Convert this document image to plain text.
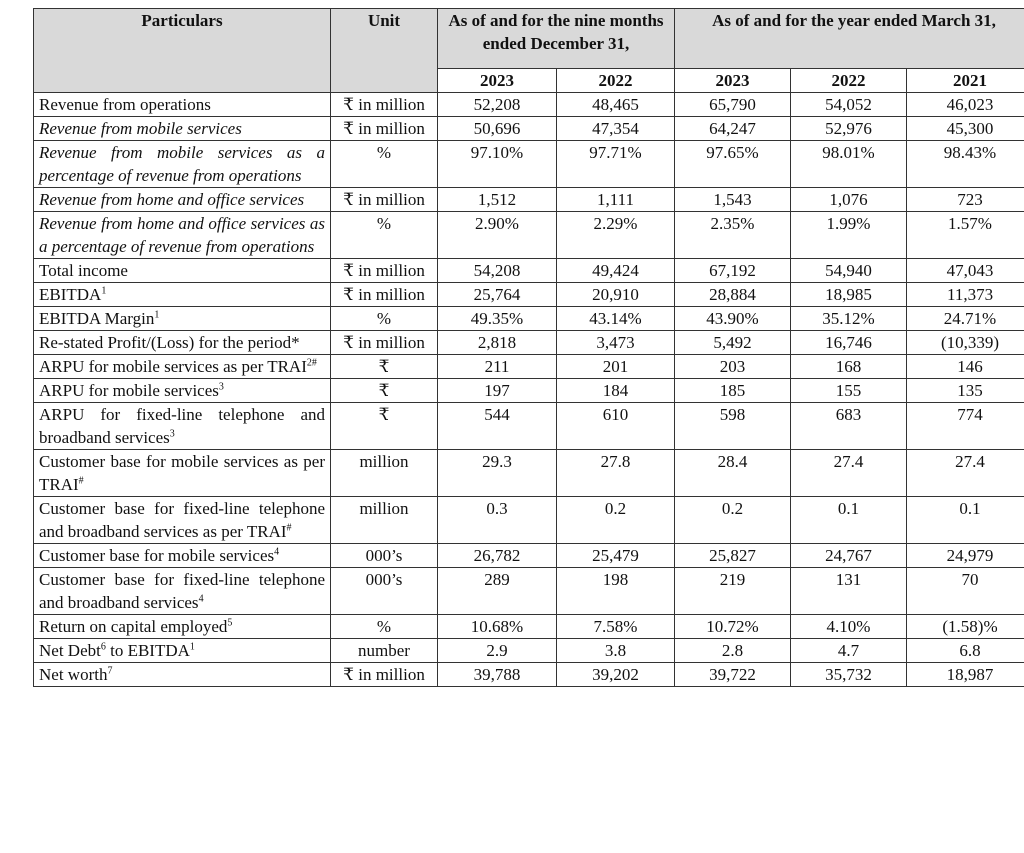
Particulars	Unit	As of and for the nine months ended December 31,		As of and for the year ended March 31,		
		2023	2022	2023	2022	2021
Revenue from operations	₹ in million	52,208	48,465	65,790	54,052	46,023
Revenue from mobile services	₹ in million	50,696	47,354	64,247	52,976	45,300
Revenue from mobile services as a percentage of revenue from operations	%	97.10%	97.71%	97.65%	98.01%	98.43%
Revenue from home and office services	₹ in million	1,512	1,111	1,543	1,076	723
Revenue from home and office services as a percentage of revenue from operations	%	2.90%	2.29%	2.35%	1.99%	1.57%
Total income	₹ in million	54,208	49,424	67,192	54,940	47,043
EBITDA$^1$	₹ in million	25,764	20,910	28,884	18,985	11,373
EBITDA Margin$^1$	%	49.35%	43.14%	43.90%	35.12%	24.71%
Re-stated Profit/(Loss) for the period*	₹ in million	2,818	3,473	5,492	16,746	(10,339)
ARPU for mobile services as per $TRAI^{2\#}$	₹	211	201	203	168	146
ARPU for mobile services$^3$	₹	197	184	185	155	135
ARPU for fixed-line telephone and broadband services$^3$	₹	544	610	598	683	774
Customer base for mobile services as per TRAI#	million	29.3	27.8	28.4	27.4	27.4
Customer base for fixed-line telephone and broadband services as per TRAI#	million	0.3	0.2	0.2	0.1	0.1
Customer base for mobile services$^4$	000’s	26,782	25,479	25,827	24,767	24,979
Customer base for fixed-line telephone and broadband services$^4$	000’s	289	198	219	131	70
Return on capital employed$^5$	%	10.68%	7.58%	10.72%	4.10%	(1.58)%
Net Debt$^6$ to EBITDA$^1$	number	2.9	3.8	2.8	4.7	6.8
Net worth$^7$	₹ in million	39,788	39,202	39,722	35,732	18,987
